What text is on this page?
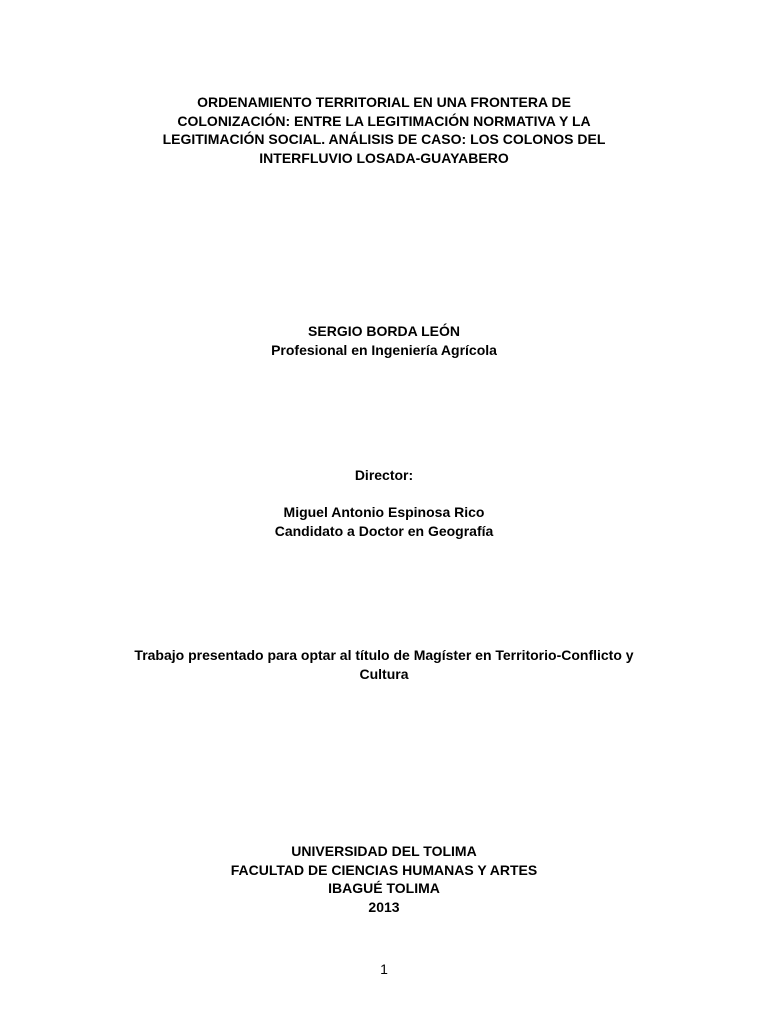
ORDENAMIENTO TERRITORIAL EN UNA FRONTERA DE
COLONIZACIÓN: ENTRE LA LEGITIMACIÓN NORMATIVA Y LA
LEGITIMACIÓN SOCIAL. ANÁLISIS DE CASO: LOS COLONOS DEL
INTERFLUVIO LOSADA-GUAYABERO
SERGIO BORDA LEÓN
Profesional en Ingeniería Agrícola
Director:
Miguel Antonio Espinosa Rico
Candidato a Doctor en Geografía
Trabajo presentado para optar al título de Magíster en Territorio-Conflicto y
Cultura
UNIVERSIDAD DEL TOLIMA
FACULTAD DE CIENCIAS HUMANAS Y ARTES
IBAGUÉ TOLIMA
2013
1
